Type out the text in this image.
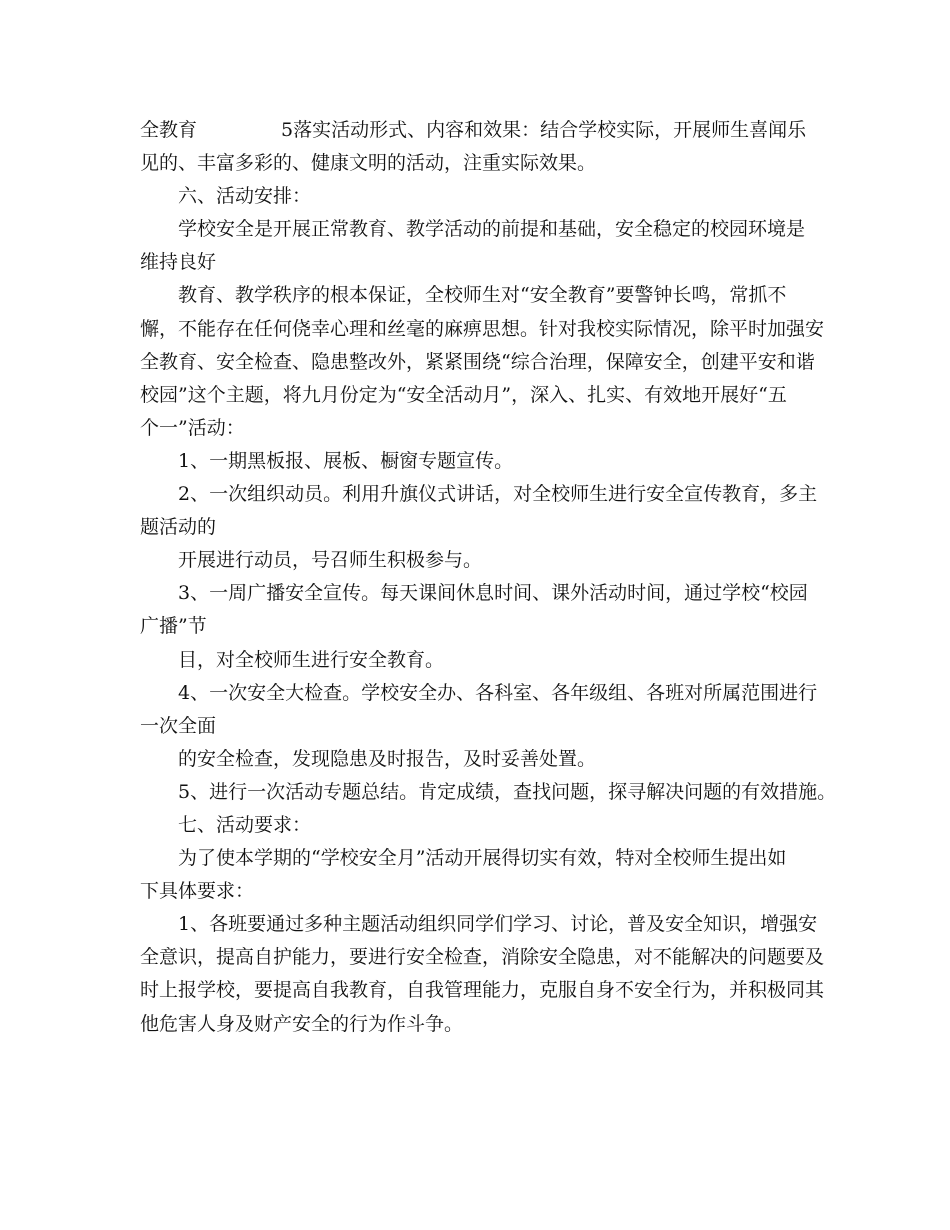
全教育	5落实活动形式、内容和效果：结合学校实际，开展师生喜闻乐
见的、丰富多彩的、健康文明的活动，注重实际效果。
六、活动安排：
学校安全是开展正常教育、教学活动的前提和基础，安全稳定的校园环境是
维持良好
教育、教学秩序的根本保证，全校师生对“安全教育”要警钟长鸣，常抓不
懈，不能存在任何侥幸心理和丝毫的麻痹思想。针对我校实际情况，除平时加强安
全教育、安全检查、隐患整改外，紧紧围绕“综合治理，保障安全，创建平安和谐
校园”这个主题，将九月份定为“安全活动月”，深入、扎实、有效地开展好“五
个一”活动：
1、一期黑板报、展板、橱窗专题宣传。
2、一次组织动员。利用升旗仪式讲话，对全校师生进行安全宣传教育，多主
题活动的
开展进行动员，号召师生积极参与。
3、一周广播安全宣传。每天课间休息时间、课外活动时间，通过学校“校园
广播”节
目，对全校师生进行安全教育。
4、一次安全大检查。学校安全办、各科室、各年级组、各班对所属范围进行
一次全面
的安全检查，发现隐患及时报告，及时妥善处置。
5、进行一次活动专题总结。肯定成绩，查找问题，探寻解决问题的有效措施。
七、活动要求：
为了使本学期的“学校安全月”活动开展得切实有效，特对全校师生提出如
下具体要求：
1、各班要通过多种主题活动组织同学们学习、讨论，普及安全知识，增强安
全意识，提高自护能力，要进行安全检查，消除安全隐患，对不能解决的问题要及
时上报学校，要提高自我教育，自我管理能力，克服自身不安全行为，并积极同其
他危害人身及财产安全的行为作斗争。
